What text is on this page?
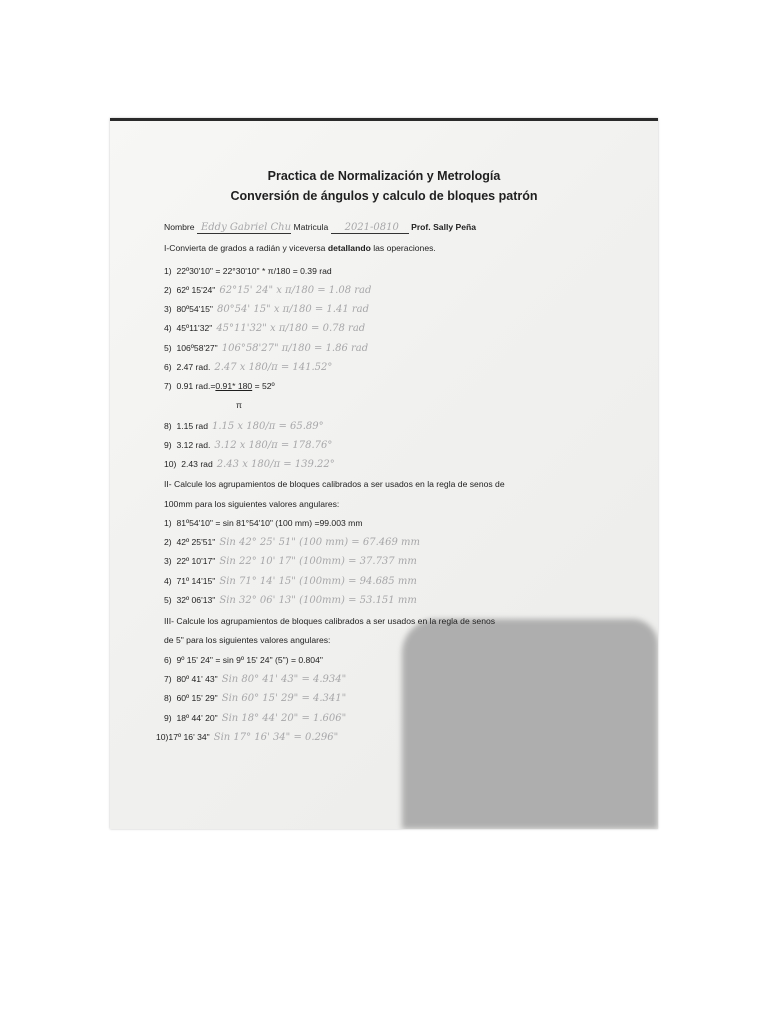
Practica de Normalización y Metrología
Conversión de ángulos y calculo de bloques patrón
Nombre Eddy Gabriel Chu Matricula 2021-0810 Prof. Sally Peña
I-Convierta de grados a radián y viceversa detallando las operaciones.
1) 22º30'10" = 22°30'10" * π/180 = 0.39 rad
2) 62º 15'24" 62°15' 24" x π/180 = 1.08 rad
3) 80º54'15" 80°54' 15" x π/180 = 1.41 rad
4) 45º11'32" 45°11'32" x π/180 = 0.78 rad
5) 106º58'27" 106°58'27" π/180 = 1.86 rad
6) 2.47 rad. 2.47 x 180/π = 141.52°
7) 0.91 rad.=0.91* 180 = 52º
π
8) 1.15 rad 1.15 x 180/π = 65.89°
9) 3.12 rad. 3.12 x 180/π = 178.76°
10) 2.43 rad 2.43 x 180/π = 139.22°
II- Calcule los agrupamientos de bloques calibrados a ser usados en la regla de senos de
100mm para los siguientes valores angulares:
1) 81º54'10" = sin 81°54'10" (100 mm) =99.003 mm
2) 42º 25'51" Sin 42° 25' 51" (100 mm) = 67.469 mm
3) 22º 10'17" Sin 22° 10' 17" (100mm) = 37.737 mm
4) 71º 14'15" Sin 71° 14' 15" (100mm) = 94.685 mm
5) 32º 06'13" Sin 32° 06' 13" (100mm) = 53.151 mm
III- Calcule los agrupamientos de bloques calibrados a ser usados en la regla de senos
de 5" para los siguientes valores angulares:
6) 9º 15' 24" = sin 9º 15' 24" (5") = 0.804"
7) 80º 41' 43" Sin 80° 41' 43" = 4.934"
8) 60º 15' 29" Sin 60° 15' 29" = 4.341"
9) 18º 44' 20" Sin 18° 44' 20" = 1.606"
10)17º 16' 34" Sin 17° 16' 34" = 0.296"
